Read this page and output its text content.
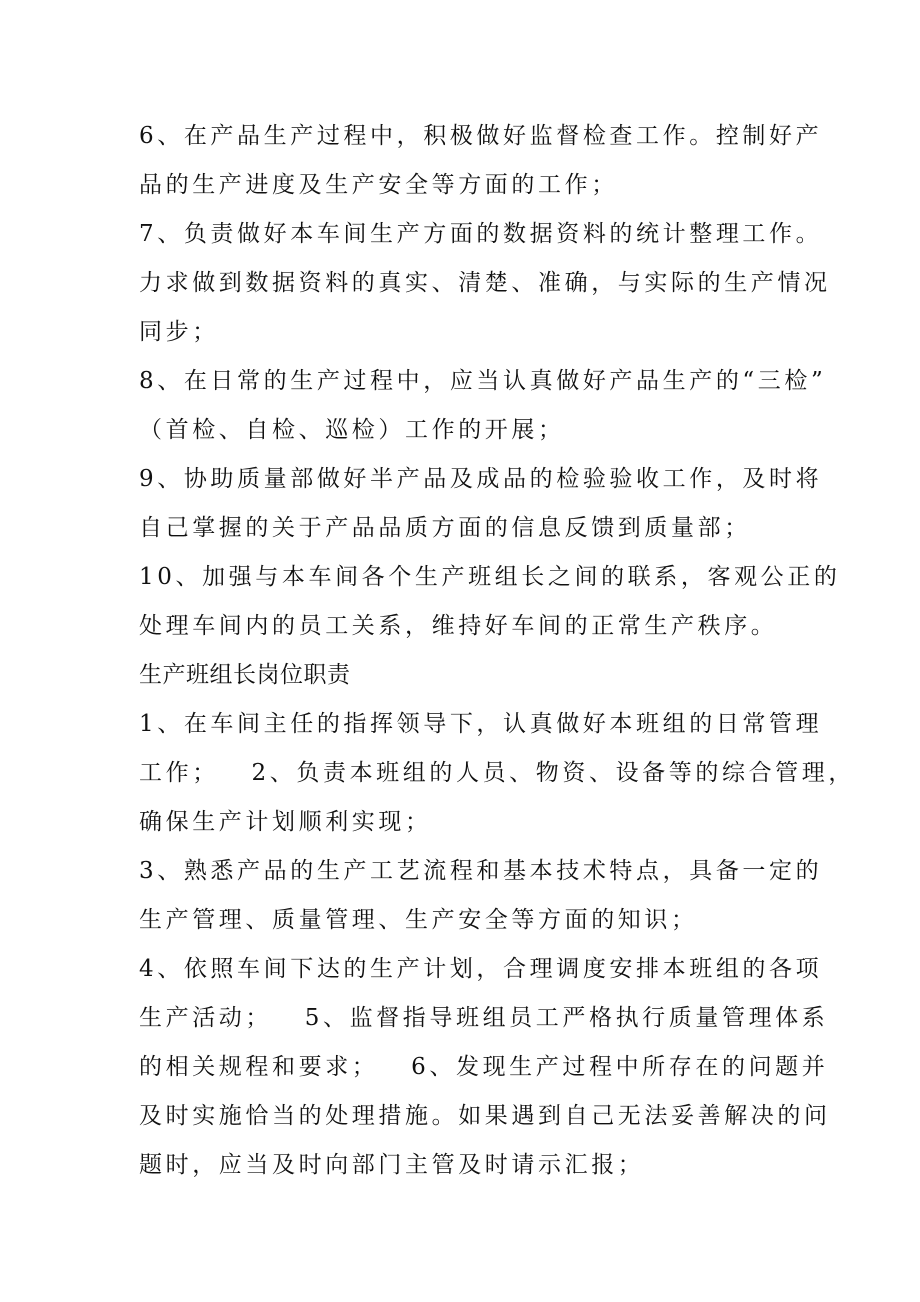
6、在产品生产过程中，积极做好监督检查工作。控制好产
品的生产进度及生产安全等方面的工作；
7、负责做好本车间生产方面的数据资料的统计整理工作。
力求做到数据资料的真实、清楚、准确，与实际的生产情况
同步；
8、在日常的生产过程中，应当认真做好产品生产的“三检”
（首检、自检、巡检）工作的开展；
9、协助质量部做好半产品及成品的检验验收工作，及时将
自己掌握的关于产品品质方面的信息反馈到质量部；
10、加强与本车间各个生产班组长之间的联系，客观公正的
处理车间内的员工关系，维持好车间的正常生产秩序。
生产班组长岗位职责
1、在车间主任的指挥领导下，认真做好本班组的日常管理
工作；   2、负责本班组的人员、物资、设备等的综合管理，
确保生产计划顺利实现；
3、熟悉产品的生产工艺流程和基本技术特点，具备一定的
生产管理、质量管理、生产安全等方面的知识；
4、依照车间下达的生产计划，合理调度安排本班组的各项
生产活动；   5、监督指导班组员工严格执行质量管理体系
的相关规程和要求；   6、发现生产过程中所存在的问题并
及时实施恰当的处理措施。如果遇到自己无法妥善解决的问
题时，应当及时向部门主管及时请示汇报；
